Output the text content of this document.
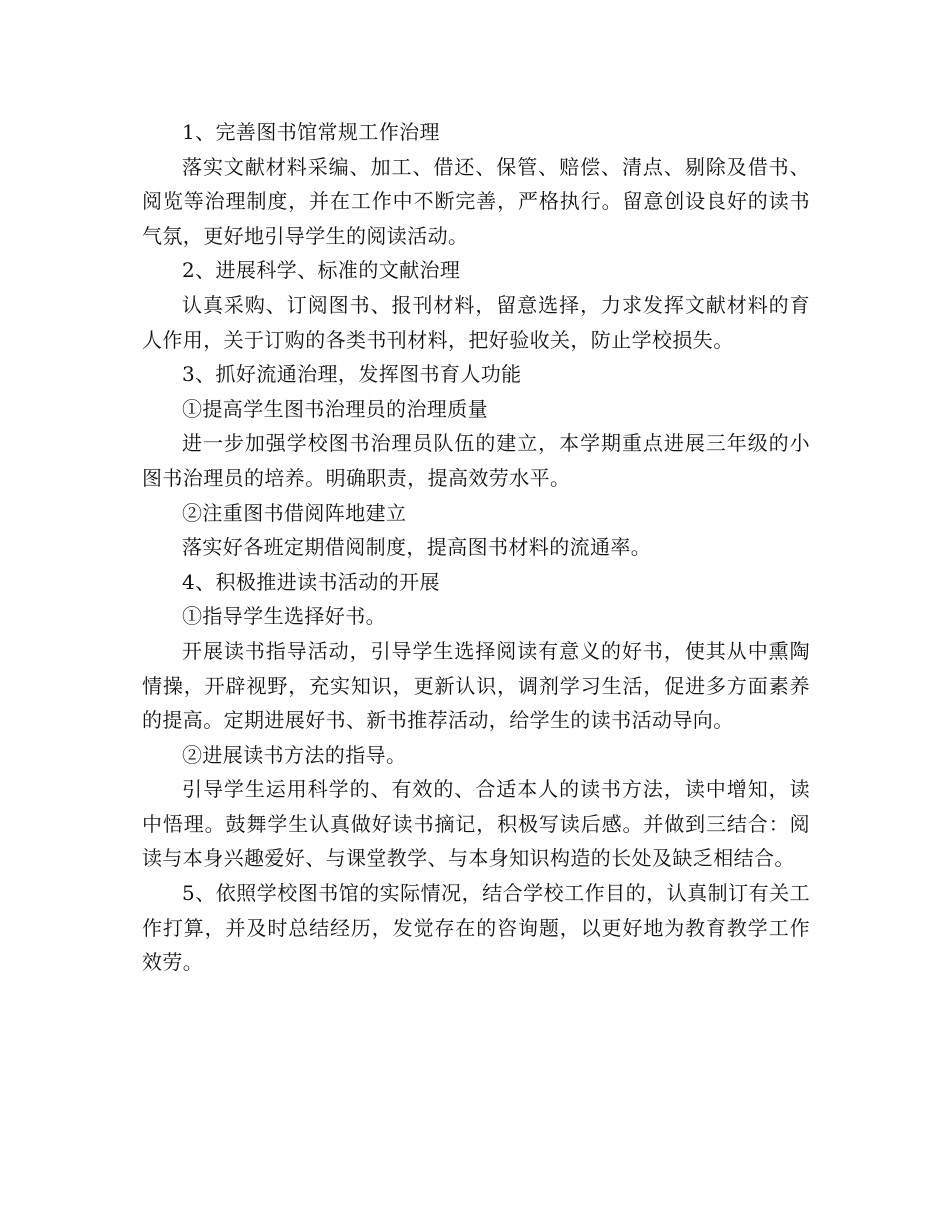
1、完善图书馆常规工作治理

落实文献材料采编、加工、借还、保管、赔偿、清点、剔除及借书、阅览等治理制度，并在工作中不断完善，严格执行。留意创设良好的读书气氛，更好地引导学生的阅读活动。

2、进展科学、标准的文献治理

认真采购、订阅图书、报刊材料，留意选择，力求发挥文献材料的育人作用，关于订购的各类书刊材料，把好验收关，防止学校损失。

3、抓好流通治理，发挥图书育人功能

①提高学生图书治理员的治理质量

进一步加强学校图书治理员队伍的建立，本学期重点进展三年级的小图书治理员的培养。明确职责，提高效劳水平。

②注重图书借阅阵地建立

落实好各班定期借阅制度，提高图书材料的流通率。

4、积极推进读书活动的开展

①指导学生选择好书。

开展读书指导活动，引导学生选择阅读有意义的好书，使其从中熏陶情操，开辟视野，充实知识，更新认识，调剂学习生活，促进多方面素养的提高。定期进展好书、新书推荐活动，给学生的读书活动导向。

②进展读书方法的指导。

引导学生运用科学的、有效的、合适本人的读书方法，读中增知，读中悟理。鼓舞学生认真做好读书摘记，积极写读后感。并做到三结合：阅读与本身兴趣爱好、与课堂教学、与本身知识构造的长处及缺乏相结合。

5、依照学校图书馆的实际情况，结合学校工作目的，认真制订有关工作打算，并及时总结经历，发觉存在的咨询题，以更好地为教育教学工作效劳。
